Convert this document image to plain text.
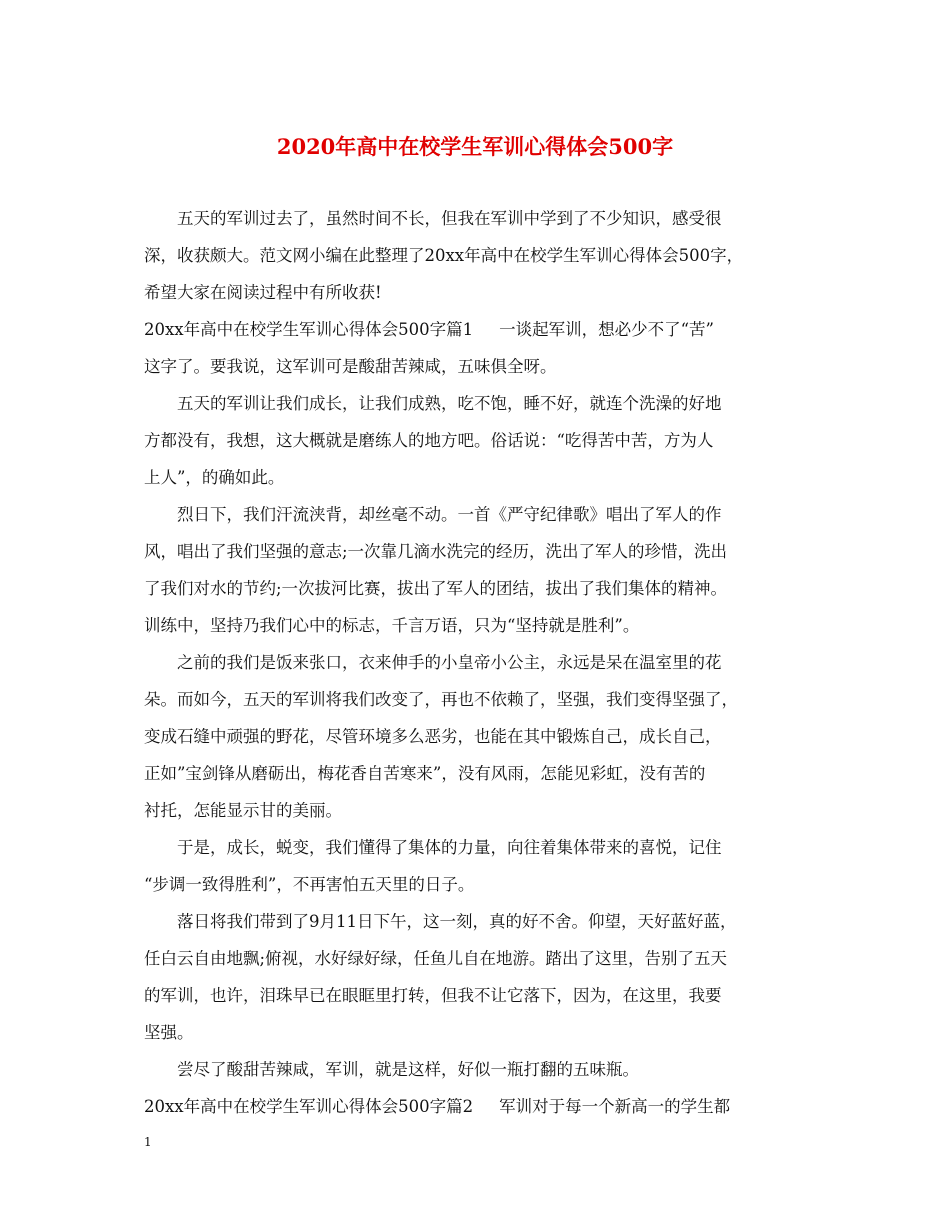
2020年高中在校学生军训心得体会500字

五天的军训过去了，虽然时间不长，但我在军训中学到了不少知识，感受很

深，收获颇大。范文网小编在此整理了20xx年高中在校学生军训心得体会500字，

希望大家在阅读过程中有所收获!

20xx年高中在校学生军训心得体会500字篇1 一谈起军训，想必少不了“苦”

这字了。要我说，这军训可是酸甜苦辣咸，五味俱全呀。

五天的军训让我们成长，让我们成熟，吃不饱，睡不好，就连个洗澡的好地

方都没有，我想，这大概就是磨练人的地方吧。俗话说：“吃得苦中苦，方为人

上人”，的确如此。

烈日下，我们汗流浃背，却丝毫不动。一首《严守纪律歌》唱出了军人的作

风，唱出了我们坚强的意志;一次靠几滴水洗完的经历，洗出了军人的珍惜，洗出

了我们对水的节约;一次拔河比赛，拔出了军人的团结，拔出了我们集体的精神。

训练中，坚持乃我们心中的标志，千言万语，只为“坚持就是胜利”。

之前的我们是饭来张口，衣来伸手的小皇帝小公主，永远是呆在温室里的花

朵。而如今，五天的军训将我们改变了，再也不依赖了，坚强，我们变得坚强了，

变成石缝中顽强的野花，尽管环境多么恶劣，也能在其中锻炼自己，成长自己，

正如”宝剑锋从磨砺出，梅花香自苦寒来”，没有风雨，怎能见彩虹，没有苦的

衬托，怎能显示甘的美丽。

于是，成长，蜕变，我们懂得了集体的力量，向往着集体带来的喜悦，记住

“步调一致得胜利”，不再害怕五天里的日子。

落日将我们带到了9月11日下午，这一刻，真的好不舍。仰望，天好蓝好蓝，

任白云自由地飘;俯视，水好绿好绿，任鱼儿自在地游。踏出了这里，告别了五天

的军训，也许，泪珠早已在眼眶里打转，但我不让它落下，因为，在这里，我要

坚强。

尝尽了酸甜苦辣咸，军训，就是这样，好似一瓶打翻的五味瓶。

20xx年高中在校学生军训心得体会500字篇2 军训对于每一个新高一的学生都

1
